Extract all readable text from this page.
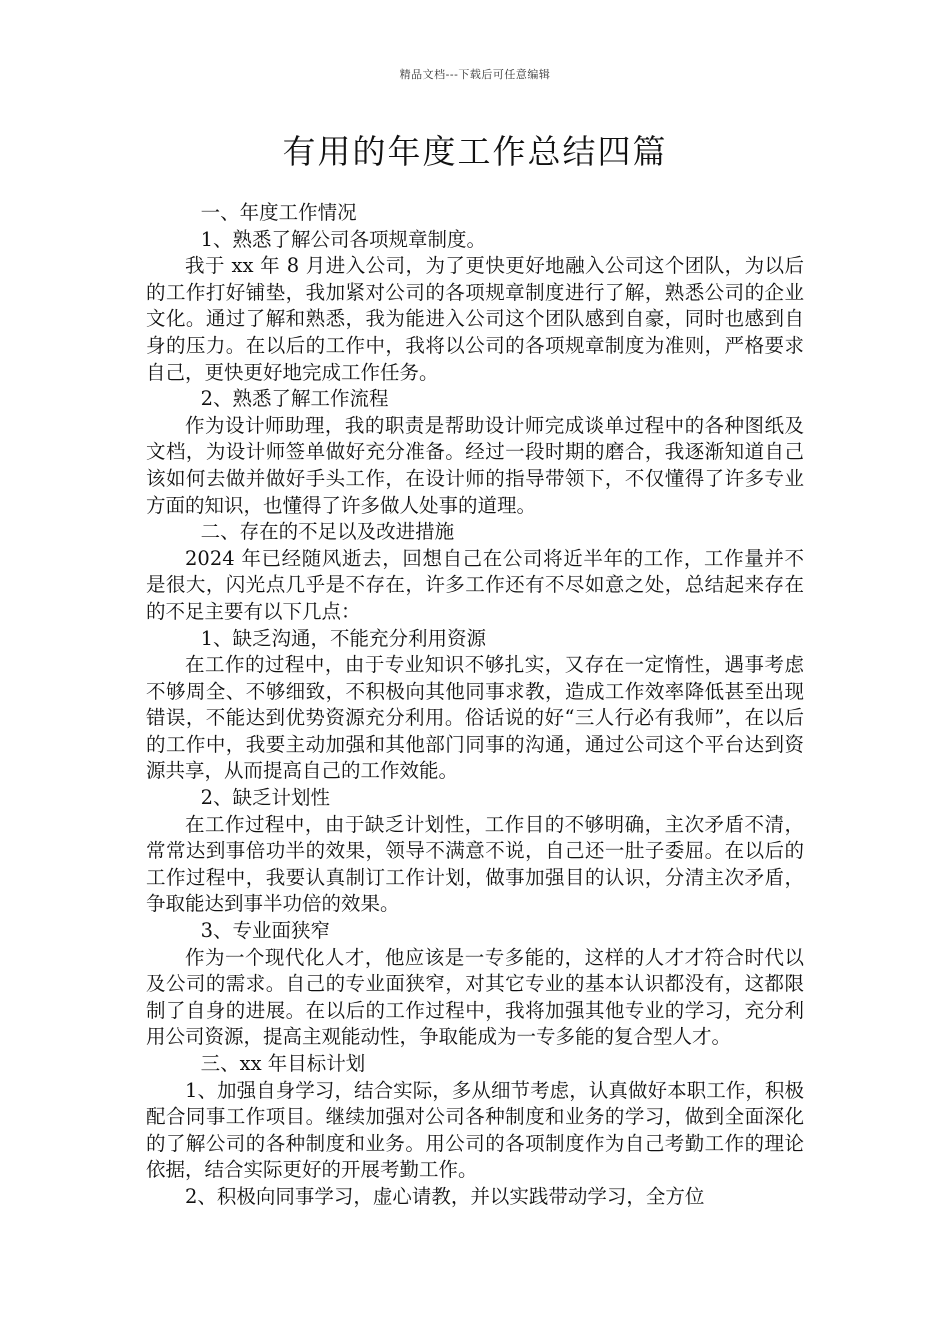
精品文档---下载后可任意编辑
有用的年度工作总结四篇

一、年度工作情况

1、熟悉了解公司各项规章制度。

我于 xx 年 8 月进入公司，为了更快更好地融入公司这个团队，为以后的工作打好铺垫，我加紧对公司的各项规章制度进行了解，熟悉公司的企业文化。通过了解和熟悉，我为能进入公司这个团队感到自豪，同时也感到自身的压力。在以后的工作中，我将以公司的各项规章制度为准则，严格要求自己，更快更好地完成工作任务。

2、熟悉了解工作流程

作为设计师助理，我的职责是帮助设计师完成谈单过程中的各种图纸及文档，为设计师签单做好充分准备。经过一段时期的磨合，我逐渐知道自己该如何去做并做好手头工作，在设计师的指导带领下，不仅懂得了许多专业方面的知识，也懂得了许多做人处事的道理。

二、存在的不足以及改进措施

2024 年已经随风逝去，回想自己在公司将近半年的工作，工作量并不是很大，闪光点几乎是不存在，许多工作还有不尽如意之处，总结起来存在的不足主要有以下几点：

1、缺乏沟通，不能充分利用资源

在工作的过程中，由于专业知识不够扎实，又存在一定惰性，遇事考虑不够周全、不够细致，不积极向其他同事求教，造成工作效率降低甚至出现错误，不能达到优势资源充分利用。俗话说的好“三人行必有我师”，在以后的工作中，我要主动加强和其他部门同事的沟通，通过公司这个平台达到资源共享，从而提高自己的工作效能。

2、缺乏计划性

在工作过程中，由于缺乏计划性，工作目的不够明确，主次矛盾不清，常常达到事倍功半的效果，领导不满意不说，自己还一肚子委屈。在以后的工作过程中，我要认真制订工作计划，做事加强目的认识，分清主次矛盾，争取能达到事半功倍的效果。

3、专业面狭窄

作为一个现代化人才，他应该是一专多能的，这样的人才才符合时代以及公司的需求。自己的专业面狭窄，对其它专业的基本认识都没有，这都限制了自身的进展。在以后的工作过程中，我将加强其他专业的学习，充分利用公司资源，提高主观能动性，争取能成为一专多能的复合型人才。

三、xx 年目标计划

1、加强自身学习，结合实际，多从细节考虑，认真做好本职工作，积极配合同事工作项目。继续加强对公司各种制度和业务的学习，做到全面深化的了解公司的各种制度和业务。用公司的各项制度作为自己考勤工作的理论依据，结合实际更好的开展考勤工作。

2、积极向同事学习，虚心请教，并以实践带动学习，全方位
